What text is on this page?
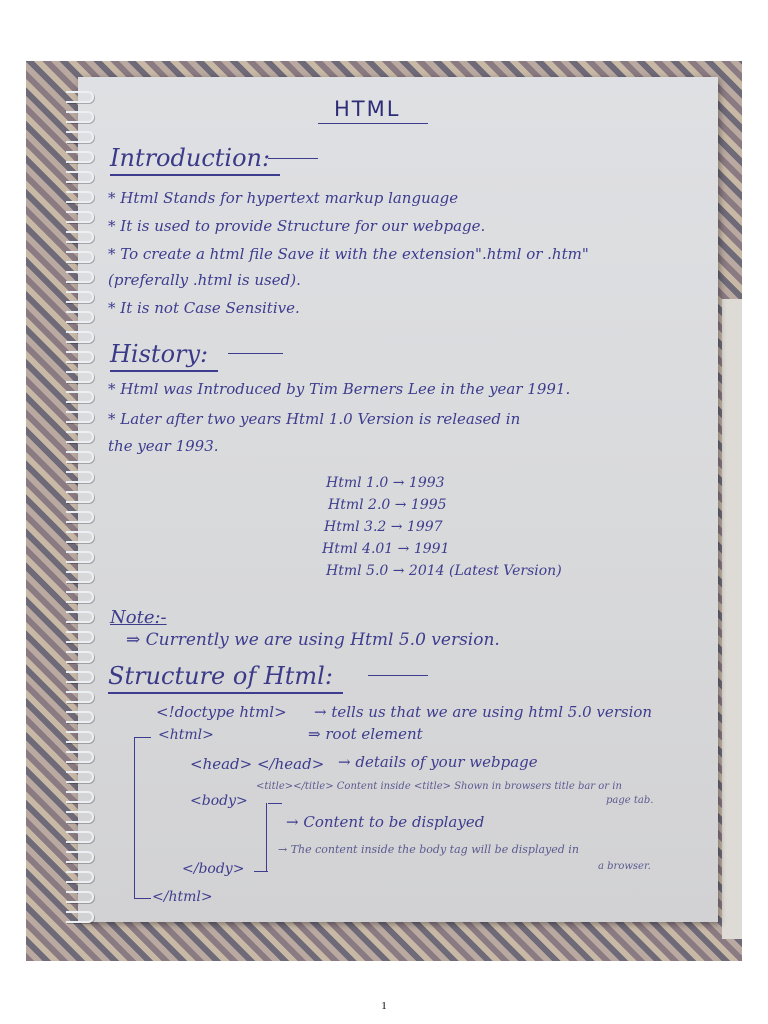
HTML
Introduction:
* Html Stands for hypertext markup language
* It is used to provide Structure for our webpage.
* To create a html file Save it with the extension".html or .htm"
(preferally .html is used).
* It is not Case Sensitive.
History:
* Html was Introduced by Tim Berners Lee in the year 1991.
* Later after two years Html 1.0 Version is released in
the year 1993.
Html 1.0 → 1993
Html 2.0 → 1995
Html 3.2 → 1997
Html 4.01 → 1991
Html 5.0 → 2014 (Latest Version)
Note:-
⇒ Currently we are using Html 5.0 version.
Structure of Html:
<!doctype html> → tells us that we are using html 5.0 version
<html>	⇒ root element
<head> </head> → details of your webpage
<title></title> Content inside <title> Shown in browsers title bar or in
page tab.
<body>
→ Content to be displayed
→ The content inside the body tag will be displayed in
a browser.
</body>
</html>
1
